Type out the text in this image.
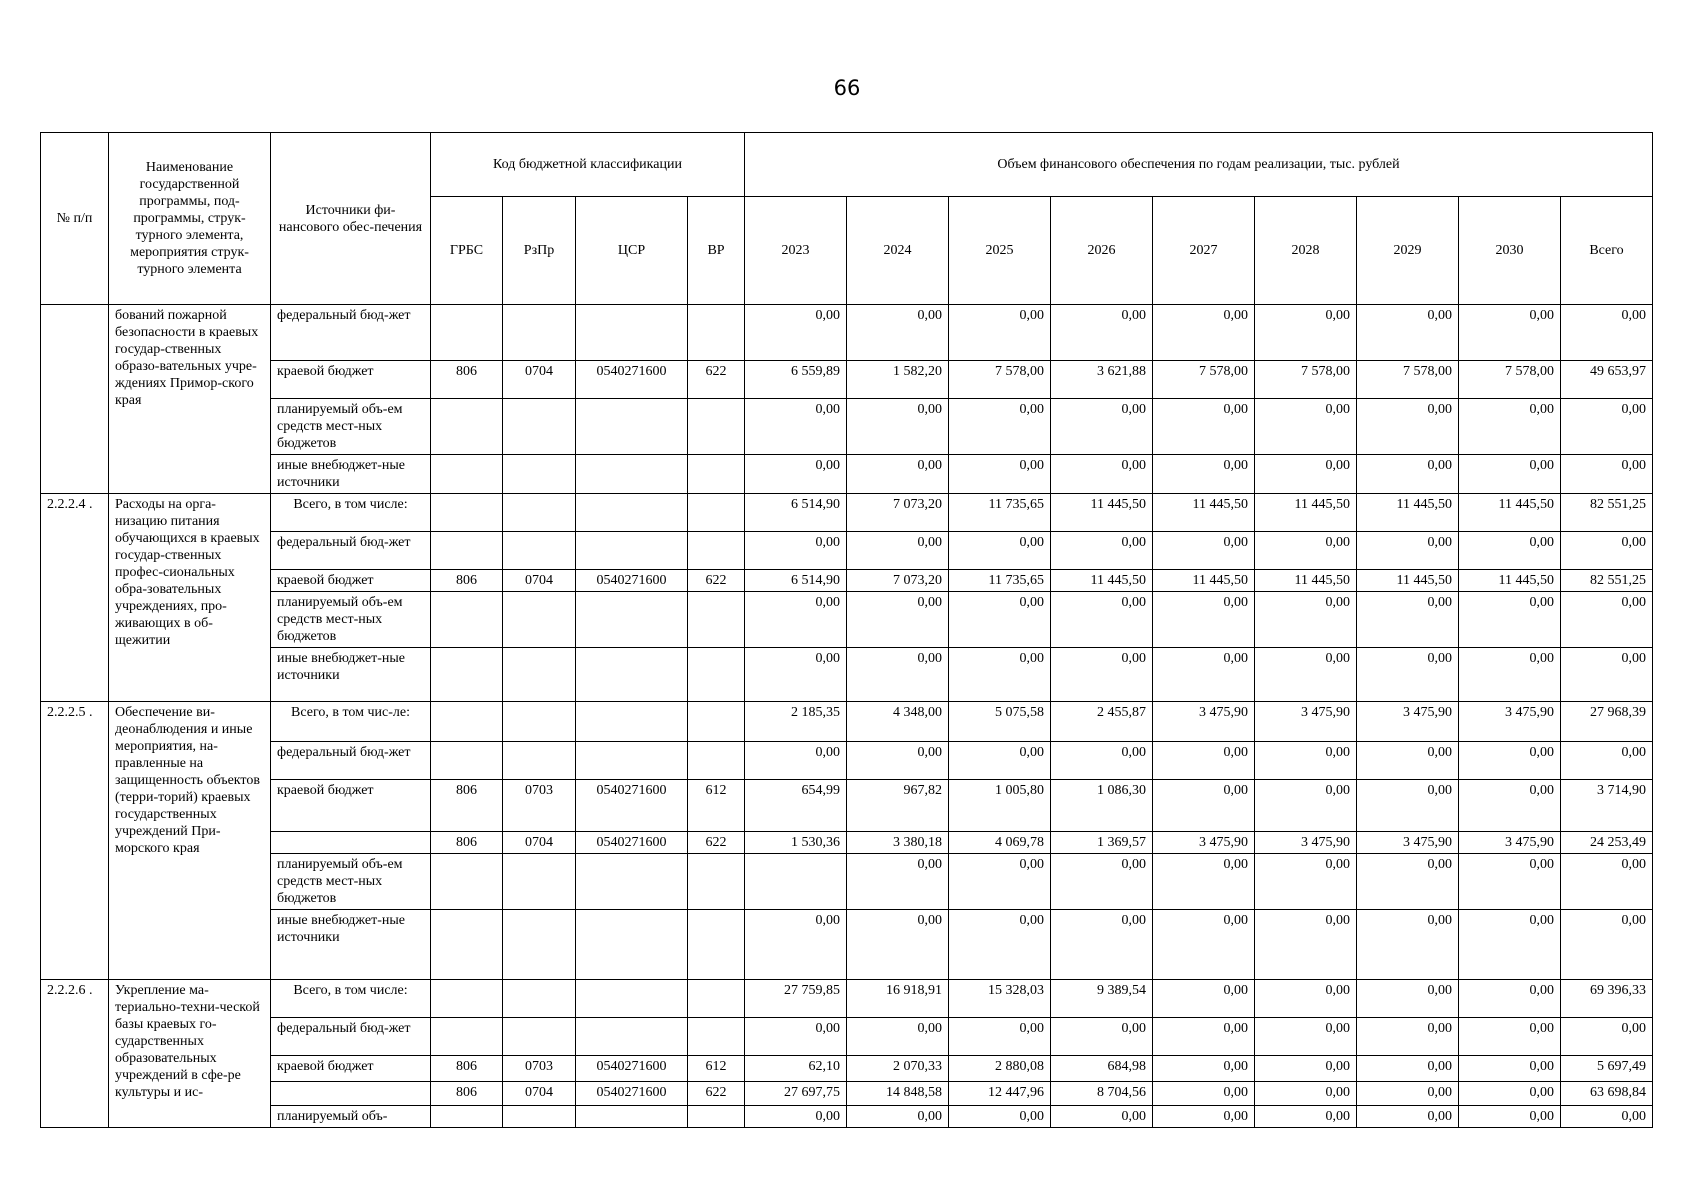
66
№ п/п	Наименование государственной программы, под-программы, струк-турного элемента, мероприятия струк-турного элемента	Источники фи-нансового обес-печения	Код бюджетной классификации				Объем финансового обеспечения по годам реализации, тыс. рублей								
			ГРБС	РзПр	ЦСР	ВР	2023	2024	2025	2026	2027	2028	2029	2030	Всего
	бований пожарной безопасности в краевых государ-ственных образо-вательных учре-ждениях Примор-ского края	федеральный бюд-жет					0,00	0,00	0,00	0,00	0,00	0,00	0,00	0,00	0,00
		краевой бюджет	806	0704	0540271600	622	6 559,89	1 582,20	7 578,00	3 621,88	7 578,00	7 578,00	7 578,00	7 578,00	49 653,97
		планируемый объ-ем средств мест-ных бюджетов					0,00	0,00	0,00	0,00	0,00	0,00	0,00	0,00	0,00
		иные внебюджет-ные источники					0,00	0,00	0,00	0,00	0,00	0,00	0,00	0,00	0,00
2.2.2.4 .	Расходы на орга-низацию питания обучающихся в краевых государ-ственных профес-сиональных обра-зовательных учреждениях, про-живающих в об-щежитии	Всего, в том числе:					6 514,90	7 073,20	11 735,65	11 445,50	11 445,50	11 445,50	11 445,50	11 445,50	82 551,25
		федеральный бюд-жет					0,00	0,00	0,00	0,00	0,00	0,00	0,00	0,00	0,00
		краевой бюджет	806	0704	0540271600	622	6 514,90	7 073,20	11 735,65	11 445,50	11 445,50	11 445,50	11 445,50	11 445,50	82 551,25
		планируемый объ-ем средств мест-ных бюджетов					0,00	0,00	0,00	0,00	0,00	0,00	0,00	0,00	0,00
		иные внебюджет-ные источники					0,00	0,00	0,00	0,00	0,00	0,00	0,00	0,00	0,00
2.2.2.5 .	Обеспечение ви-деонаблюдения и иные мероприятия, на-правленные на защищенность объектов (терри-торий) краевых государственных учреждений При-морского края	Всего, в том чис-ле:					2 185,35	4 348,00	5 075,58	2 455,87	3 475,90	3 475,90	3 475,90	3 475,90	27 968,39
		федеральный бюд-жет					0,00	0,00	0,00	0,00	0,00	0,00	0,00	0,00	0,00
		краевой бюджет	806	0703	0540271600	612	654,99	967,82	1 005,80	1 086,30	0,00	0,00	0,00	0,00	3 714,90
			806	0704	0540271600	622	1 530,36	3 380,18	4 069,78	1 369,57	3 475,90	3 475,90	3 475,90	3 475,90	24 253,49
		планируемый объ-ем средств мест-ных бюджетов						0,00	0,00	0,00	0,00	0,00	0,00	0,00	0,00
		иные внебюджет-ные источники					0,00	0,00	0,00	0,00	0,00	0,00	0,00	0,00	0,00
2.2.2.6 .	Укрепление ма-териально-техни-ческой базы краевых го-сударственных образовательных учреждений в сфе-ре культуры и ис-	Всего, в том числе:					27 759,85	16 918,91	15 328,03	9 389,54	0,00	0,00	0,00	0,00	69 396,33
		федеральный бюд-жет					0,00	0,00	0,00	0,00	0,00	0,00	0,00	0,00	0,00
		краевой бюджет	806	0703	0540271600	612	62,10	2 070,33	2 880,08	684,98	0,00	0,00	0,00	0,00	5 697,49
			806	0704	0540271600	622	27 697,75	14 848,58	12 447,96	8 704,56	0,00	0,00	0,00	0,00	63 698,84
		планируемый объ-					0,00	0,00	0,00	0,00	0,00	0,00	0,00	0,00	0,00
